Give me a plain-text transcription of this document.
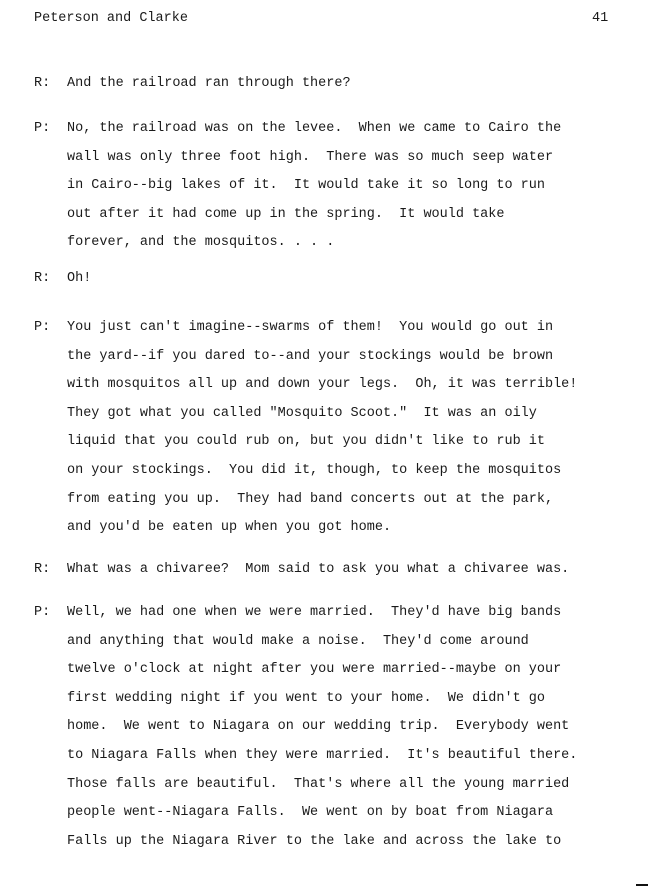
Peterson and Clarke	41
R: And the railroad ran through there?
P: No, the railroad was on the levee.  When we came to Cairo the
wall was only three foot high.  There was so much seep water
in Cairo--big lakes of it.  It would take it so long to run
out after it had come up in the spring.  It would take
forever, and the mosquitos. . . .
R: Oh!
P: You just can't imagine--swarms of them!  You would go out in
the yard--if you dared to--and your stockings would be brown
with mosquitos all up and down your legs.  Oh, it was terrible!
They got what you called "Mosquito Scoot."  It was an oily
liquid that you could rub on, but you didn't like to rub it
on your stockings.  You did it, though, to keep the mosquitos
from eating you up.  They had band concerts out at the park,
and you'd be eaten up when you got home.
R: What was a chivaree?  Mom said to ask you what a chivaree was.
P: Well, we had one when we were married.  They'd have big bands
and anything that would make a noise.  They'd come around
twelve o'clock at night after you were married--maybe on your
first wedding night if you went to your home.  We didn't go
home.  We went to Niagara on our wedding trip.  Everybody went
to Niagara Falls when they were married.  It's beautiful there.
Those falls are beautiful.  That's where all the young married
people went--Niagara Falls.  We went on by boat from Niagara
Falls up the Niagara River to the lake and across the lake to
